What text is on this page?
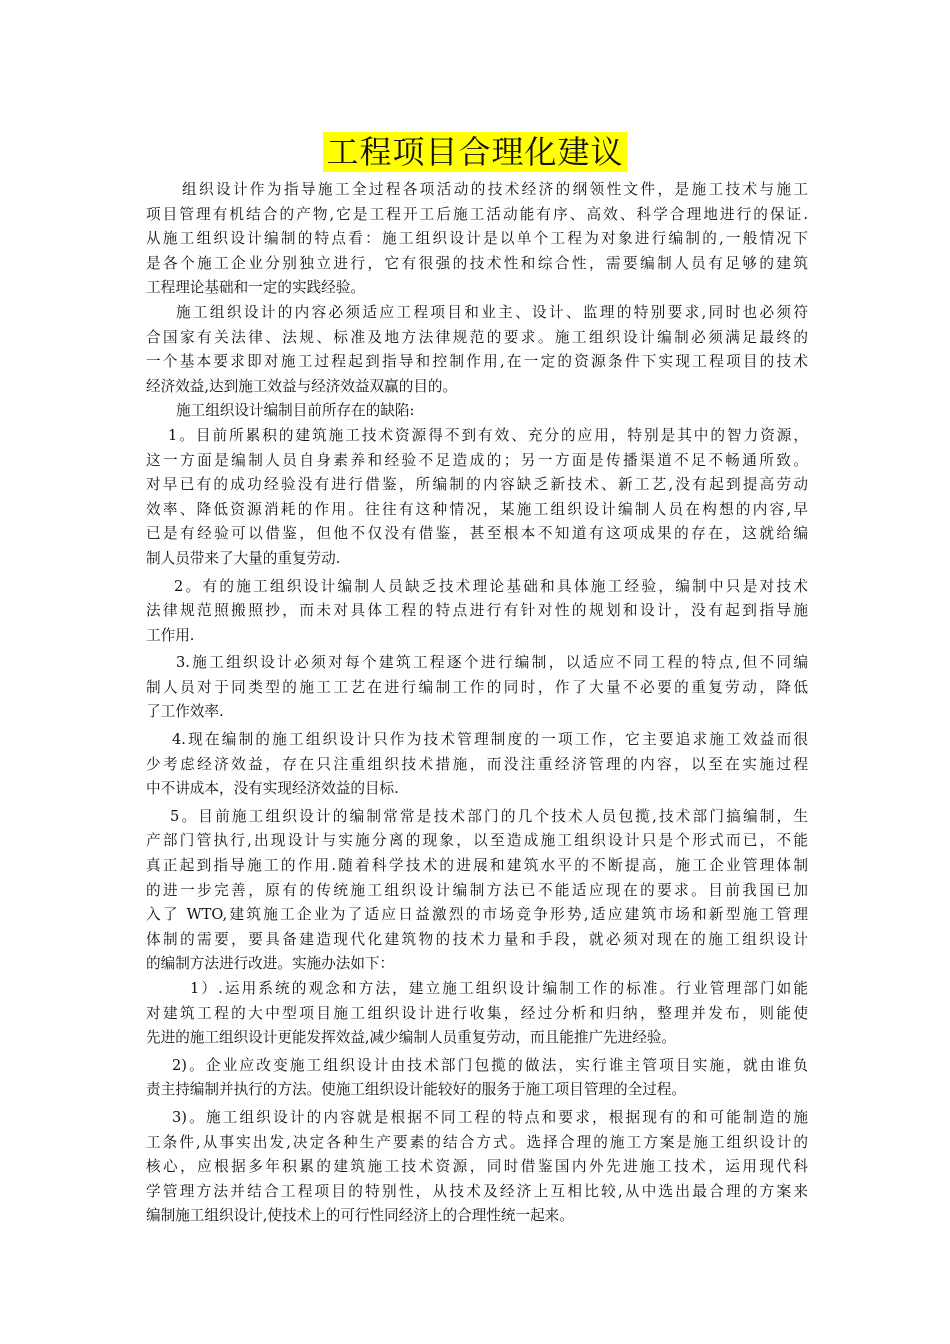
工程项目合理化建议
组织设计作为指导施工全过程各项活动的技术经济的纲领性文件，是施工技术与施工
项目管理有机结合的产物,它是工程开工后施工活动能有序、高效、科学合理地进行的保证.
从施工组织设计编制的特点看：施工组织设计是以单个工程为对象进行编制的,一般情况下
是各个施工企业分别独立进行，它有很强的技术性和综合性，需要编制人员有足够的建筑
工程理论基础和一定的实践经验。
施工组织设计的内容必须适应工程项目和业主、设计、监理的特别要求,同时也必须符
合国家有关法律、法规、标准及地方法律规范的要求。施工组织设计编制必须满足最终的
一个基本要求即对施工过程起到指导和控制作用,在一定的资源条件下实现工程项目的技术
经济效益,达到施工效益与经济效益双赢的目的。
施工组织设计编制目前所存在的缺陷:
1。目前所累积的建筑施工技术资源得不到有效、充分的应用，特别是其中的智力资源，
这一方面是编制人员自身素养和经验不足造成的；另一方面是传播渠道不足不畅通所致。
对早已有的成功经验没有进行借鉴，所编制的内容缺乏新技术、新工艺,没有起到提高劳动
效率、降低资源消耗的作用。往往有这种情况，某施工组织设计编制人员在构想的内容,早
已是有经验可以借鉴，但他不仅没有借鉴，甚至根本不知道有这项成果的存在，这就给编
制人员带来了大量的重复劳动.
2。有的施工组织设计编制人员缺乏技术理论基础和具体施工经验，编制中只是对技术
法律规范照搬照抄，而未对具体工程的特点进行有针对性的规划和设计，没有起到指导施
工作用.
3.施工组织设计必须对每个建筑工程逐个进行编制，以适应不同工程的特点,但不同编
制人员对于同类型的施工工艺在进行编制工作的同时，作了大量不必要的重复劳动，降低
了工作效率.
4.现在编制的施工组织设计只作为技术管理制度的一项工作，它主要追求施工效益而很
少考虑经济效益，存在只注重组织技术措施，而没注重经济管理的内容，以至在实施过程
中不讲成本，没有实现经济效益的目标.
5。目前施工组织设计的编制常常是技术部门的几个技术人员包揽,技术部门搞编制，生
产部门管执行,出现设计与实施分离的现象，以至造成施工组织设计只是个形式而已，不能
真正起到指导施工的作用.随着科学技术的进展和建筑水平的不断提高，施工企业管理体制
的进一步完善，原有的传统施工组织设计编制方法已不能适应现在的要求。目前我国已加
入了 WTO,建筑施工企业为了适应日益激烈的市场竞争形势,适应建筑市场和新型施工管理
体制的需要，要具备建造现代化建筑物的技术力量和手段，就必须对现在的施工组织设计
的编制方法进行改进。实施办法如下：
1）.运用系统的观念和方法，建立施工组织设计编制工作的标准。行业管理部门如能
对建筑工程的大中型项目施工组织设计进行收集，经过分析和归纳，整理并发布，则能使
先进的施工组织设计更能发挥效益,减少编制人员重复劳动，而且能推广先进经验。
2)。企业应改变施工组织设计由技术部门包揽的做法，实行谁主管项目实施，就由谁负
责主持编制并执行的方法。使施工组织设计能较好的服务于施工项目管理的全过程。
3)。施工组织设计的内容就是根据不同工程的特点和要求，根据现有的和可能制造的施
工条件,从事实出发,决定各种生产要素的结合方式。选择合理的施工方案是施工组织设计的
核心，应根据多年积累的建筑施工技术资源，同时借鉴国内外先进施工技术，运用现代科
学管理方法并结合工程项目的特别性，从技术及经济上互相比较,从中选出最合理的方案来
编制施工组织设计,使技术上的可行性同经济上的合理性统一起来。
